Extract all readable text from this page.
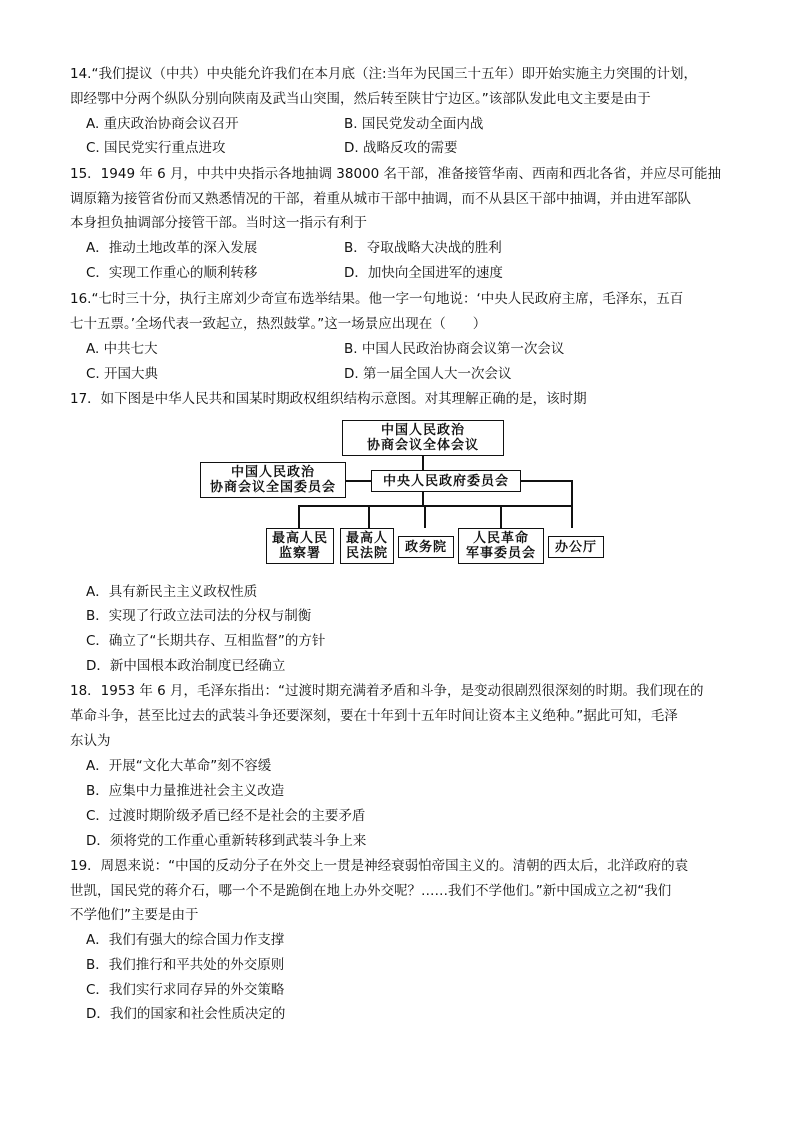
14.“我们提议（中共）中央能允许我们在本月底（注:当年为民国三十五年）即开始实施主力突围的计划，
即经鄂中分两个纵队分别向陕南及武当山突围，然后转至陕甘宁边区。”该部队发此电文主要是由于
A. 重庆政治协商会议召开	B. 国民党发动全面内战
C. 国民党实行重点进攻	D. 战略反攻的需要
15．1949 年 6 月，中共中央指示各地抽调 38000 名干部，准备接管华南、西南和西北各省，并应尽可能抽
调原籍为接管省份而又熟悉情况的干部，着重从城市干部中抽调，而不从县区干部中抽调，并由进军部队
本身担负抽调部分接管干部。当时这一指示有利于
A．推动土地改革的深入发展	B．夺取战略大决战的胜利
C．实现工作重心的顺利转移	D．加快向全国进军的速度
16.“七时三十分，执行主席刘少奇宣布选举结果。他一字一句地说：‘中央人民政府主席，毛泽东，五百
七十五票。’全场代表一致起立，热烈鼓掌。”这一场景应出现在（　　）
A. 中共七大	B. 中国人民政治协商会议第一次会议
C. 开国大典	D. 第一届全国人大一次会议
17．如下图是中华人民共和国某时期政权组织结构示意图。对其理解正确的是，该时期
中国人民政治
协商会议全体会议
中国人民政治
协商会议全国委员会	中央人民政府委员会
最高人民
监察署
最高人
民法院	政务院
人民革命
军事委员会	办公厅
A．具有新民主主义政权性质
B．实现了行政立法司法的分权与制衡
C．确立了“长期共存、互相监督”的方针
D．新中国根本政治制度已经确立
18．1953 年 6 月，毛泽东指出：“过渡时期充满着矛盾和斗争，是变动很剧烈很深刻的时期。我们现在的
革命斗争，甚至比过去的武装斗争还要深刻，要在十年到十五年时间让资本主义绝种。”据此可知，毛泽
东认为
A．开展“文化大革命”刻不容缓
B．应集中力量推进社会主义改造
C．过渡时期阶级矛盾已经不是社会的主要矛盾
D．须将党的工作重心重新转移到武装斗争上来
19．周恩来说：“中国的反动分子在外交上一贯是神经衰弱怕帝国主义的。清朝的西太后，北洋政府的袁
世凯，国民党的蒋介石，哪一个不是跪倒在地上办外交呢？……我们不学他们。”新中国成立之初“我们
不学他们”主要是由于
A．我们有强大的综合国力作支撑
B．我们推行和平共处的外交原则
C．我们实行求同存异的外交策略
D．我们的国家和社会性质决定的
